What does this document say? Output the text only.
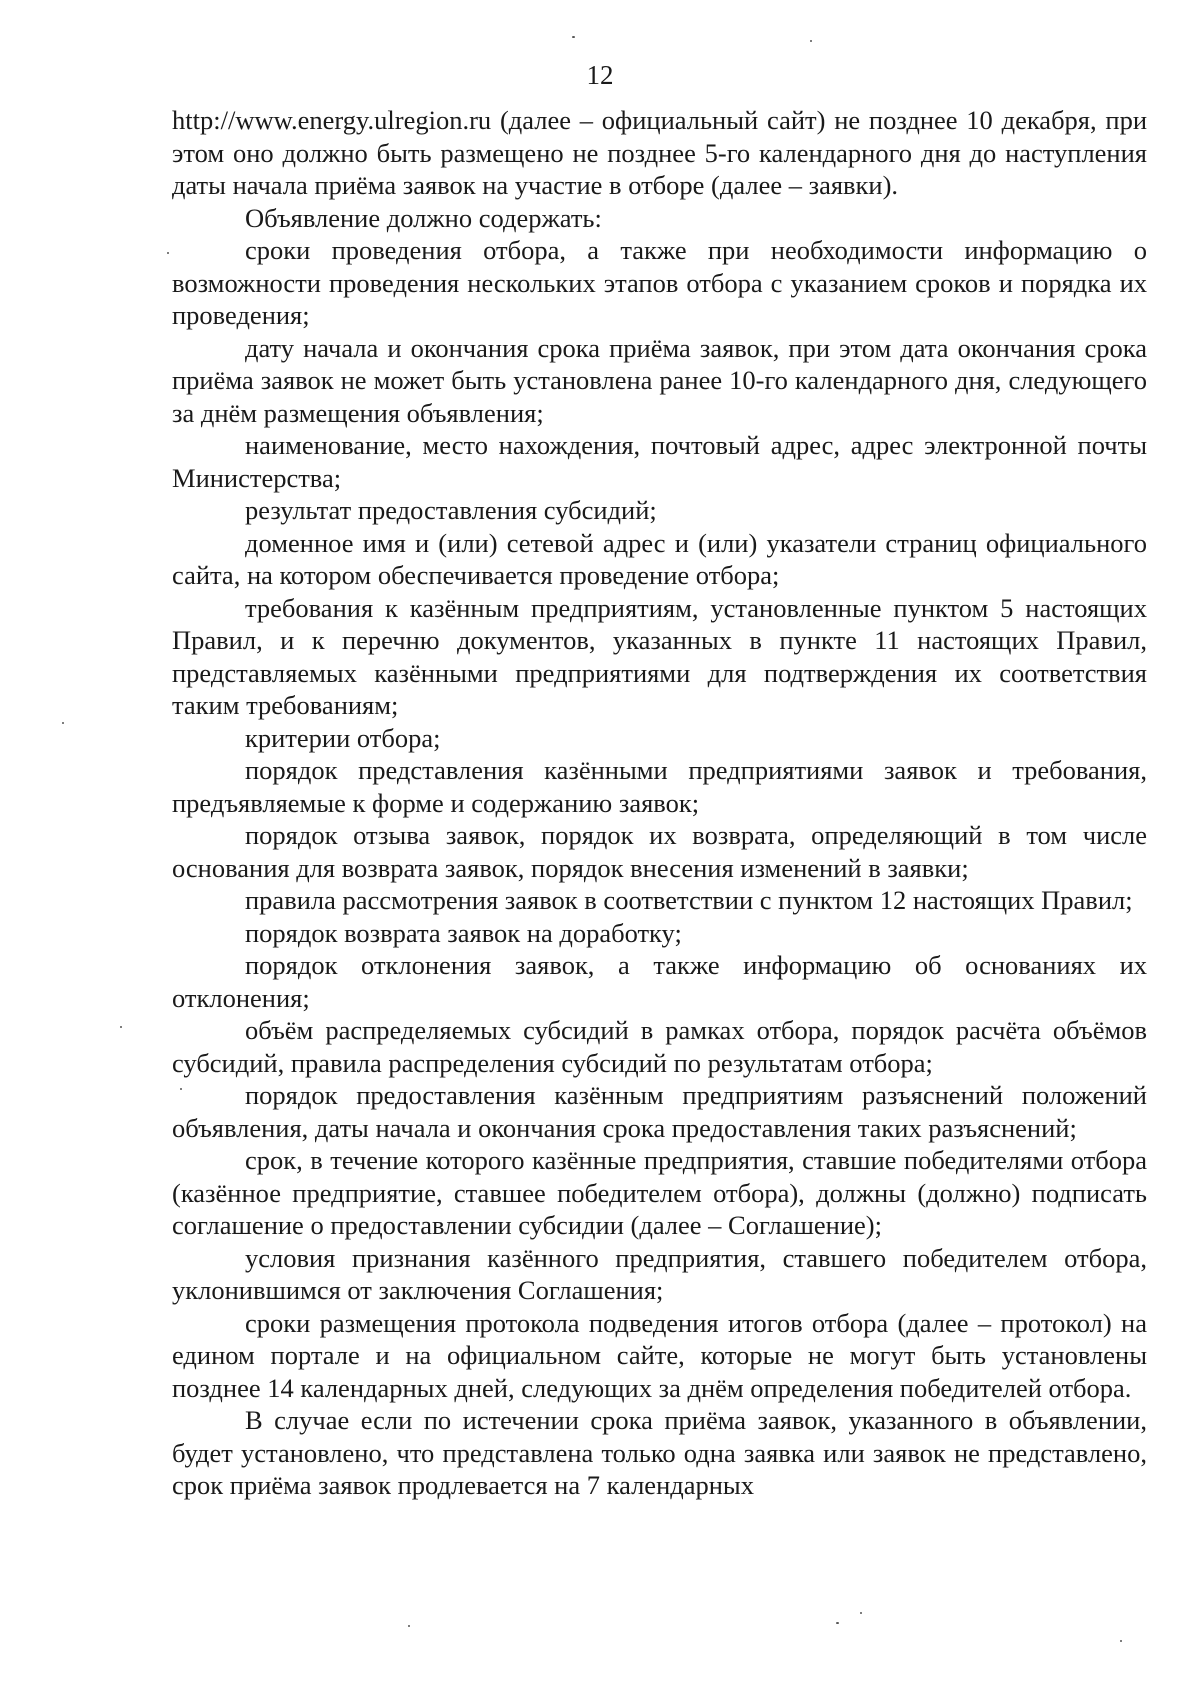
12

http://www.energy.ulregion.ru (далее – официальный сайт) не позднее 10 декабря, при этом оно должно быть размещено не позднее 5-го календарного дня до наступления даты начала приёма заявок на участие в отборе (далее – заявки).

Объявление должно содержать:

сроки проведения отбора, а также при необходимости информацию о возможности проведения нескольких этапов отбора с указанием сроков и порядка их проведения;

дату начала и окончания срока приёма заявок, при этом дата окончания срока приёма заявок не может быть установлена ранее 10-го календарного дня, следующего за днём размещения объявления;

наименование, место нахождения, почтовый адрес, адрес электронной почты Министерства;

результат предоставления субсидий;

доменное имя и (или) сетевой адрес и (или) указатели страниц официального сайта, на котором обеспечивается проведение отбора;

требования к казённым предприятиям, установленные пунктом 5 настоящих Правил, и к перечню документов, указанных в пункте 11 настоящих Правил, представляемых казёнными предприятиями для подтверждения их соответствия таким требованиям;

критерии отбора;

порядок представления казёнными предприятиями заявок и требования, предъявляемые к форме и содержанию заявок;

порядок отзыва заявок, порядок их возврата, определяющий в том числе основания для возврата заявок, порядок внесения изменений в заявки;

правила рассмотрения заявок в соответствии с пунктом 12 настоящих Правил;

порядок возврата заявок на доработку;

порядок отклонения заявок, а также информацию об основаниях их отклонения;

объём распределяемых субсидий в рамках отбора, порядок расчёта объёмов субсидий, правила распределения субсидий по результатам отбора;

порядок предоставления казённым предприятиям разъяснений положений объявления, даты начала и окончания срока предоставления таких разъяснений;

срок, в течение которого казённые предприятия, ставшие победителями отбора (казённое предприятие, ставшее победителем отбора), должны (должно) подписать соглашение о предоставлении субсидии (далее – Соглашение);

условия признания казённого предприятия, ставшего победителем отбора, уклонившимся от заключения Соглашения;

сроки размещения протокола подведения итогов отбора (далее – протокол) на едином портале и на официальном сайте, которые не могут быть установлены позднее 14 календарных дней, следующих за днём определения победителей отбора.

В случае если по истечении срока приёма заявок, указанного в объявлении, будет установлено, что представлена только одна заявка или заявок не представлено, срок приёма заявок продлевается на 7 календарных
